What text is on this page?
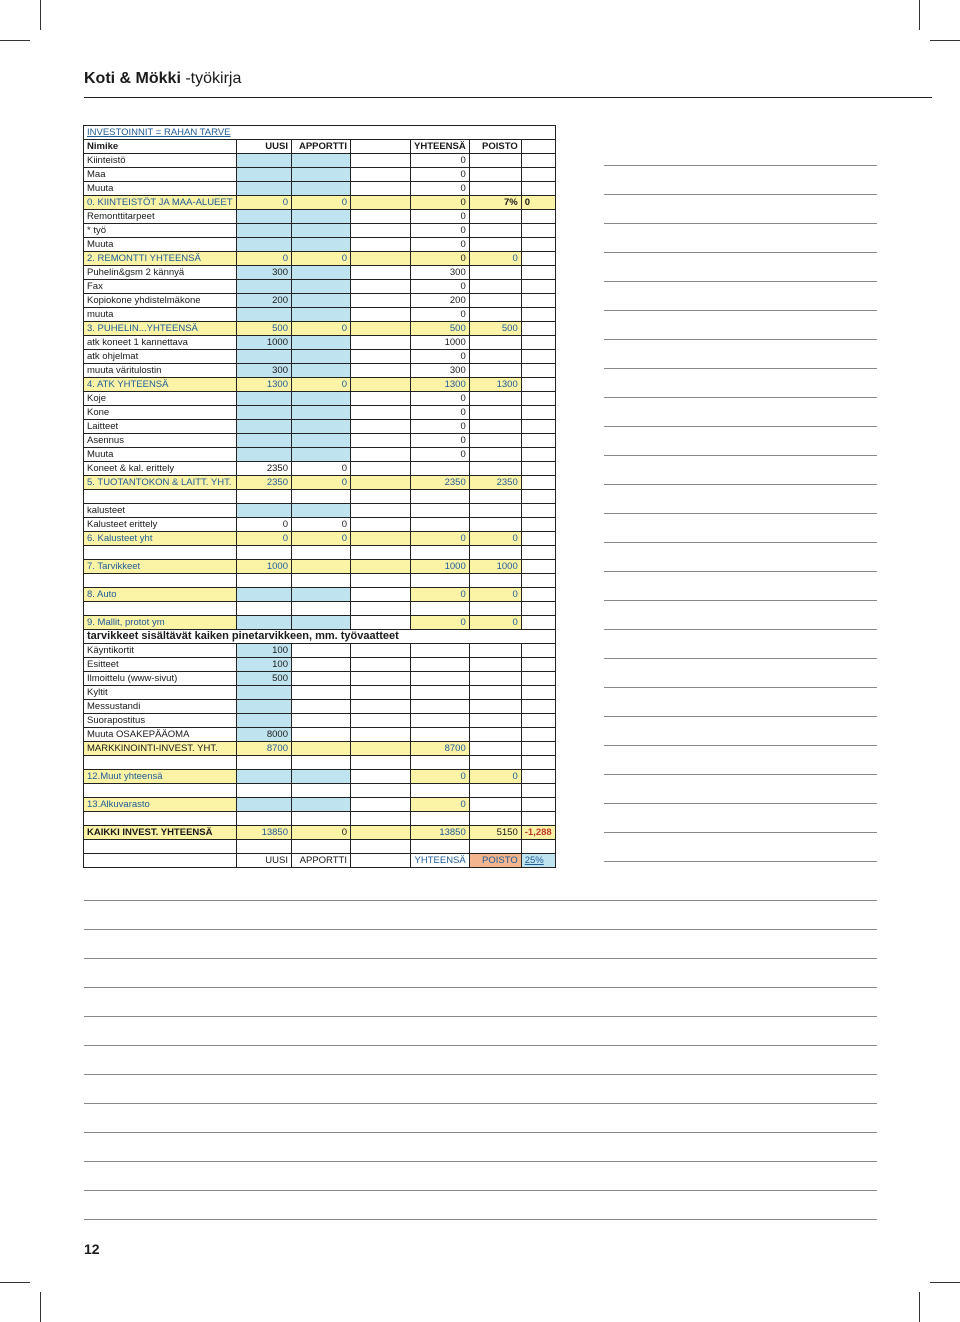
Koti & Mökki -työkirja
INVESTOINNIT = RAHAN TARVE						
Nimike	UUSI	APPORTTI		YHTEENSÄ	POISTO	
Kiinteistö				0		
Maa				0		
Muuta				0		
0. KIINTEISTÖT JA MAA-ALUEET	0	0		0	7%	0
Remonttitarpeet				0		
* työ				0		
Muuta				0		
2. REMONTTI YHTEENSÄ	0	0		0	0	
Puhelin&gsm 2 kännyä	300			300		
Fax				0		
Kopiokone yhdistelmäkone	200			200		
muuta				0		
3. PUHELIN...YHTEENSÄ	500	0		500	500	
atk koneet 1 kannettava	1000			1000		
atk ohjelmat				0		
muuta väritulostin	300			300		
4. ATK YHTEENSÄ	1300	0		1300	1300	
Koje				0		
Kone				0		
Laitteet				0		
Asennus				0		
Muuta				0		
Koneet & kal. erittely	2350	0				
5. TUOTANTOKON & LAITT. YHT.	2350	0		2350	2350	

kalusteet						
Kalusteet erittely	0	0				
6. Kalusteet yht	0	0		0	0	

7. Tarvikkeet	1000			1000	1000	

8. Auto				0	0	

9. Mallit, protot ym				0	0	
tarvikkeet sisältävät kaiken pinetarvikkeen, mm. työvaatteet						
Käyntikortit	100					
Esitteet	100					
Ilmoittelu (www-sivut)	500					
Kyltit						
Messustandi						
Suorapostitus						
Muuta OSAKEPÄÄOMA	8000					
MARKKINOINTI-INVEST. YHT.	8700			8700		

12.Muut yhteensä				0	0	

13.Alkuvarasto				0		

KAIKKI INVEST. YHTEENSÄ	13850	0		13850	5150	-1,288

	UUSI	APPORTTI		YHTEENSÄ	POISTO	25%
12
